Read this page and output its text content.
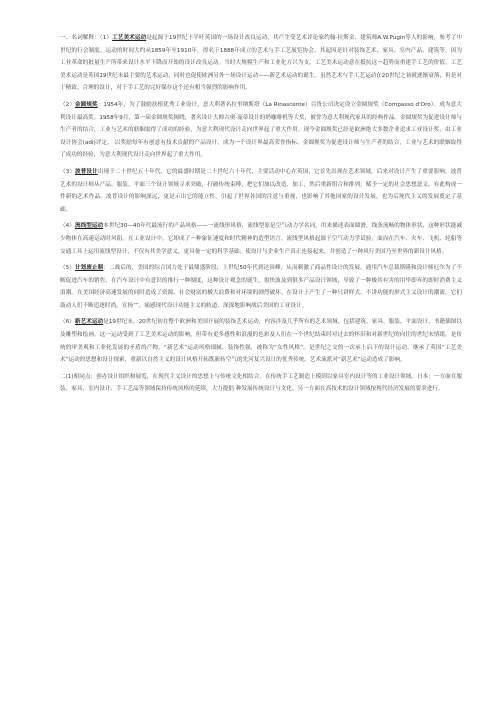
一、名词解释：（1）工艺美术运动是起源于19世纪下半叶英国的一场设计改良运动，其产生受艺术评论家约翰·拉斯金、建筑师A.W.Pugin等人的影响，参考了中世纪的行会制度。运动的时间大约从1859年至1910年，得名于1888年成立的艺术与手工艺展览协会。其起因是针对装饰艺术、家具、室内产品、建筑等，因为工业革命的批量生产所带来设计水平下降而开始的设计改良运动。当时大规模生产和工业化方兴为支，工艺美术运动意在抵抗这一趋势而重建手工艺的价值。工艺美术运动是英国19世纪末最主要的艺术运动，同时也促使欧洲另外一场设计运动——新艺术运动的诞生。虽然艺术与手工艺运动在20世纪之初就逐渐衰落，但是对于精致、合理的设计，对于手工艺的完好保存这个还有相当强烈的影响作用。

（2）金圆规奖：1954年，为了鼓励扶植优秀工业设计，意大利著名拉里纳斯塔（La Rinascente）百货公司决定设立金圆规奖（Compasso d'Oro）。成为意大利设计最高奖。1958年9月，第一届金圆规奖揭晓，著名设计大师古奥·庞蒂设计的奶咖啡机等大奖，被誉为意大利现代家具的经典作品。金圆规奖为促进设计师与生产者的结合，工业与艺术的联姻取得了成功的经验，为意大利现代设计走向世界起了重大作用。现今金圆规奖已经是欧洲绝大多数企业追求工业设计奖，由工业设计协会(adi)评定。 以奖励每年有创意有技术贡献的产品设计，成为一个设计界最高荣誉指标。金圆规奖为促进设计师与生产者的结合，工业与艺术的联姻取得了成功的经验，为意大利现代设计走向世界起了重大作用。

（3）波普设计出现于二十世纪五十年代，它的最盛时期是二十世纪六十年代，主要活动中心在英国，它首先出现在艺术领域，后来对设计产生了重要影响。波普艺术的设计师从产品、服装、平面三个设计领域寻求突破，打破传统束缚，把它们加以改造、加工，然后重新组合和排列，赋予一定的社会思想意义，有此构成一件新的艺术作品。波普设计的影响深远，更是示出它的能立性，引起了世界各国的注意与重视，也影响了其他国家的设计发展，也为后现代主义的发展奠定了基础。

（4）流线型运动本世纪30—40年代最流行的产品风格——一流线形风格，流线型原是空气动力学名词，用来描述表面圆滑，线条流畅的物体形状，这种形状能减少物体在高速运动时风阻。在工业设计中，它却成了一种象征速度和时代精神的造型语言。流线型风格起源于空气动力学试验，面而在汽车、火车、飞机、轮船等交通工具上运用流线型设计，不仅有其美学意义，更具备一定的科学基础；使设计与企业生产真正连接起来，并创造了一种风行美国乃至世界的新设计风格。

（5）计划废止制：二战后的，美国的综合国力处于最鼎盛阶段，上世纪50年代到达顶峰，从而刺激了商品性设计的发展。通用汽车总裁斯隆和设计师厄尔为了不断促进汽车的销售，在汽车设计中有意识的推行一种制度，这种设计观念的诞生，很快波及到很多产品设计领域，导致了一种极其有害的用毕即弃的即时消费主义浪潮。在美国经济高速发展的同时造成了资源、社会财富的极大浪费和对环境的剧烈破坏。在设计上产生了一种只讲样式，不讲功能的形式主义设计的潮流，它们鼓动人们不断追逐时尚，宣扬“”，痛感现代设计功能主义的轨道，深深地影响战后美国的工业设计。

（6）新艺术运动是19世纪末，20世纪初在整个欧洲和美国开展的装饰艺术运动，内容涉及几乎所有的艺术领域，包括建筑、家具、服装、平面设计、书籍插图以及雕塑和绘画。这一运动受到了工艺美术运动的影响，但带有更多感性和浪漫的色彩及人们在一个世纪结束时对过去的怀旧和对新世纪的向往的世纪末情绪，是传统的审美观和工业化发展的矛盾的产物。“新艺术”运动风格细腻、装饰性强，被称为“女性风格”。是世纪之交的一次承上启下的设计运动，继承了英国“工艺美术”运动的思想和设计探索，重新以自然主义的设计风格开拓既新转空气的先河复兴设计的优秀传统。艺术流派对“新艺术”运动造成了影响。

二(1)相同点：创办设计组织和展览，在现代主义设计的思想上与传统文化相结合，在传统手工艺制造上模到以家具室内设计等的工业设计领域。日本：一方面在服装、家具、室内设计、手工艺品等领域保持传统风格的延续，大力提倡 种发展传统设计与文化，另一方面在高技术的设计领域按现代经济发展的要求进行。
